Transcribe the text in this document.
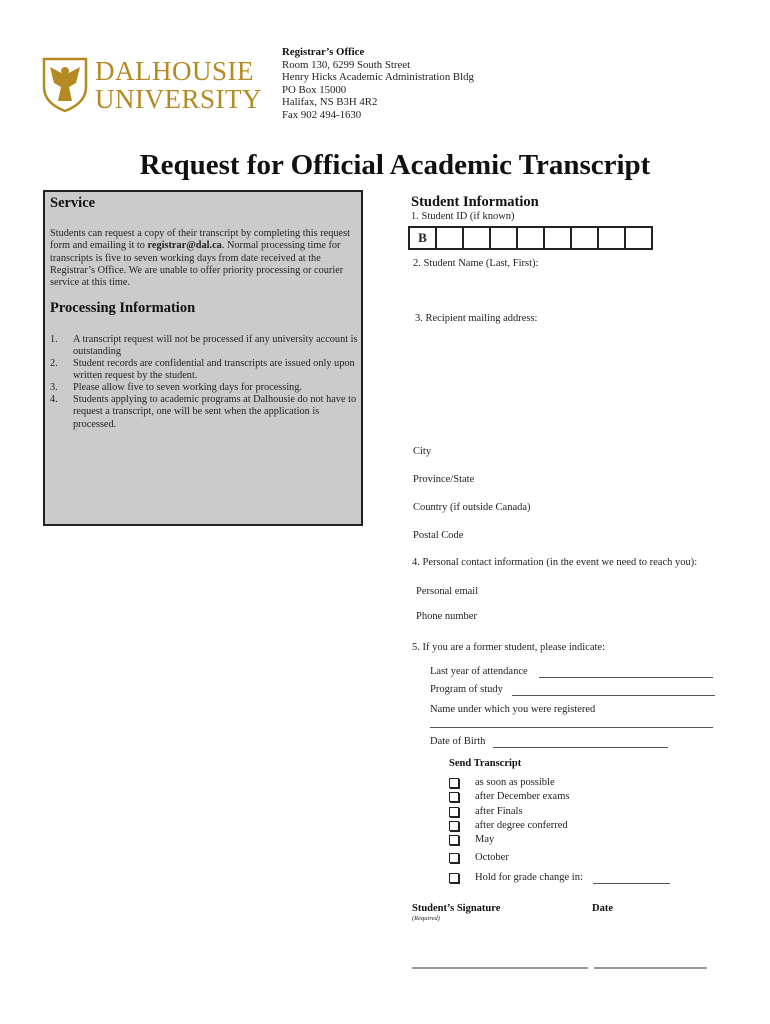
DALHOUSIE
UNIVERSITY
Registrar’s Office
Room 130, 6299 South Street
Henry Hicks Academic Administration Bldg
PO Box 15000
Halifax, NS B3H 4R2
Fax 902 494-1630
Request for Official Academic Transcript
Service
Students can request a copy of their transcript by completing this request form and emailing it to registrar@dal.ca. Normal processing time for transcripts is five to seven working days from date received at the Registrar’s Office. We are unable to offer priority processing or courier service at this time.
Processing Information
1. A transcript request will not be processed if any university account is outstanding
2. Student records are confidential and transcripts are issued only upon written request by the student.
3. Please allow five to seven working days for processing.
4. Students applying to academic programs at Dalhousie do not have to request a transcript, one will be sent when the application is processed.
Student Information
1. Student ID (if known)
B
2. Student Name (Last, First):
3. Recipient mailing address:
City
Province/State
Country (if outside Canada)
Postal Code
4. Personal contact information (in the event we need to reach you):
Personal email
Phone number
5. If you are a former student, please indicate:
Last year of attendance
Program of study
Name under which you were registered
Date of Birth
Send Transcript
as soon as possible
after December exams
after Finals
after degree conferred
May
October
Hold for grade change in:
Student’s Signature
(Required)
Date
